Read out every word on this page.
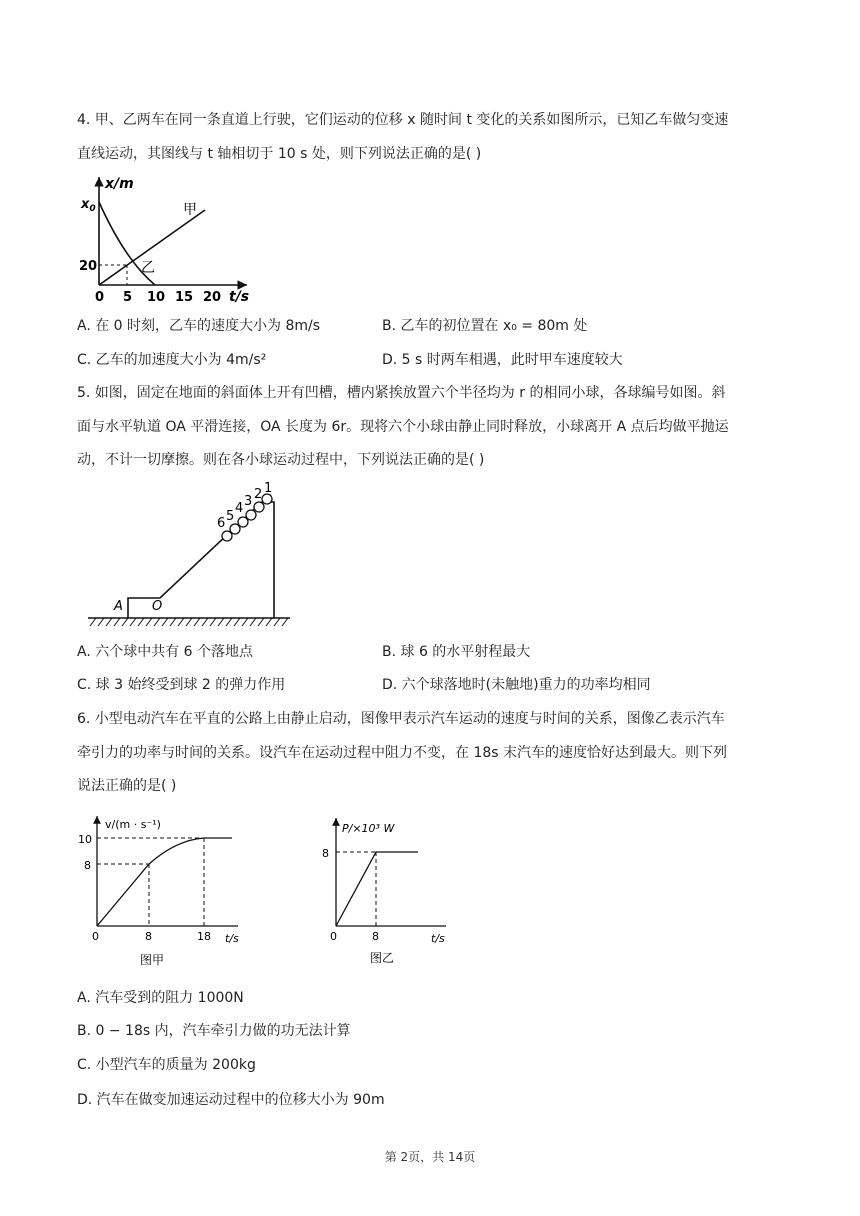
4. 甲、乙两车在同一条直道上行驶，它们运动的位移 x 随时间 t 变化的关系如图所示，已知乙车做匀变速
直线运动，其图线与 t 轴相切于 10 s 处，则下列说法正确的是( )
x/m
$x_0$
20
甲
乙
0 5 10 15 20 t/s
A. 在 0 时刻，乙车的速度大小为 8m/s	B. 乙车的初位置在 x₀ = 80m 处
C. 乙车的加速度大小为 4m/s²	D. 5 s 时两车相遇，此时甲车速度较大
5. 如图，固定在地面的斜面体上开有凹槽，槽内紧挨放置六个半径均为 r 的相同小球，各球编号如图。斜
面与水平轨道 OA 平滑连接，OA 长度为 6r。现将六个小球由静止同时释放，小球离开 A 点后均做平抛运
动，不计一切摩擦。则在各小球运动过程中，下列说法正确的是( )
1
2
3
4
5
6
A O
A. 六个球中共有 6 个落地点	B. 球 6 的水平射程最大
C. 球 3 始终受到球 2 的弹力作用	D. 六个球落地时(未触地)重力的功率均相同
6. 小型电动汽车在平直的公路上由静止启动，图像甲表示汽车运动的速度与时间的关系，图像乙表示汽车
牵引力的功率与时间的关系。设汽车在运动过程中阻力不变，在 18s 末汽车的速度恰好达到最大。则下列
说法正确的是( )
v/(m · s⁻¹)
10
8
0	8	18 t/s
图甲
P/×10³ W
8
0	8	t/s
图乙
A. 汽车受到的阻力 1000N
B. 0 − 18s 内，汽车牵引力做的功无法计算
C. 小型汽车的质量为 200kg
D. 汽车在做变加速运动过程中的位移大小为 90m
第 2页，共 14页
